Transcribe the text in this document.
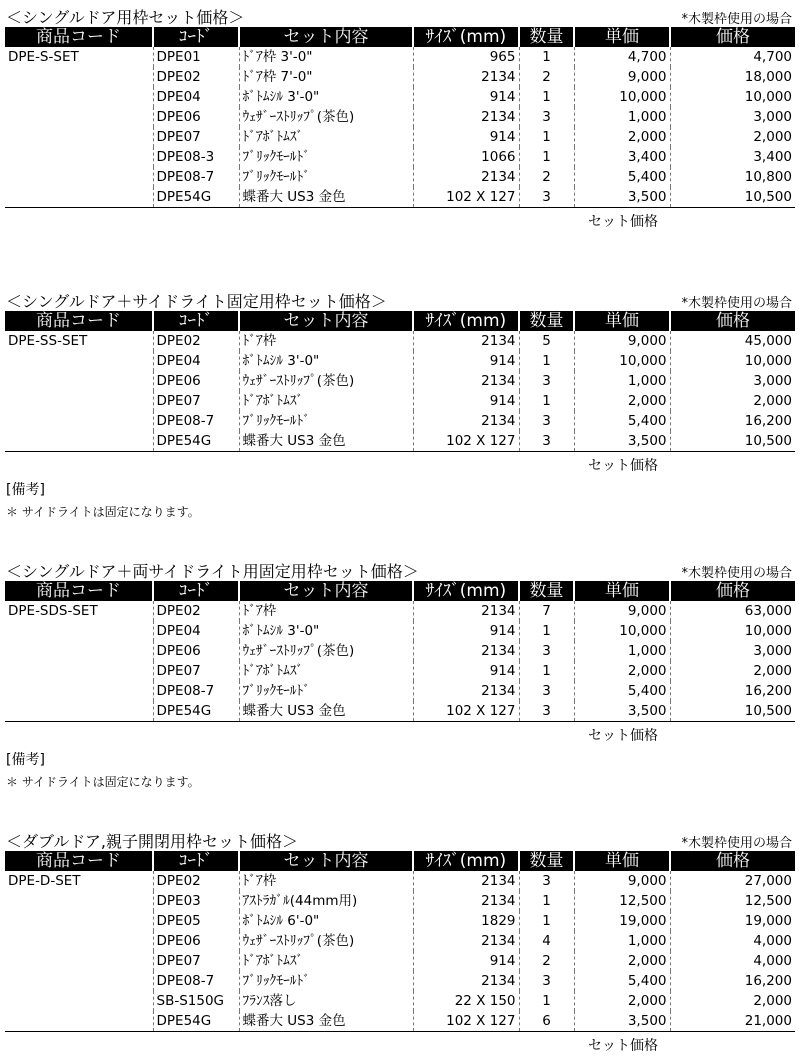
＜シングルドア用枠セット価格＞	*木製枠使用の場合
商品コード	ｺｰﾄﾞ	セット内容	ｻｲｽﾞ(mm)	数量	単価	価格
DPE-S-SET	DPE01	ﾄﾞｱ枠 3'-0"	965	1	4,700	4,700
	DPE02	ﾄﾞｱ枠 7'-0"	2134	2	9,000	18,000
	DPE04	ﾎﾞﾄﾑｼﾙ 3'-0"	914	1	10,000	10,000
	DPE06	ｳｪｻﾞｰｽﾄﾘｯﾌﾟ(茶色)	2134	3	1,000	3,000
	DPE07	ﾄﾞｱﾎﾞﾄﾑｽﾞ	914	1	2,000	2,000
	DPE08-3	ﾌﾞﾘｯｸﾓｰﾙﾄﾞ	1066	1	3,400	3,400
	DPE08-7	ﾌﾞﾘｯｸﾓｰﾙﾄﾞ	2134	2	5,400	10,800
	DPE54G	蝶番大 US3 金色	102 X 127	3	3,500	10,500
セット価格
＜シングルドア＋サイドライト固定用枠セット価格＞	*木製枠使用の場合
商品コード	ｺｰﾄﾞ	セット内容	ｻｲｽﾞ(mm)	数量	単価	価格
DPE-SS-SET	DPE02	ﾄﾞｱ枠	2134	5	9,000	45,000
	DPE04	ﾎﾞﾄﾑｼﾙ 3'-0"	914	1	10,000	10,000
	DPE06	ｳｪｻﾞｰｽﾄﾘｯﾌﾟ(茶色)	2134	3	1,000	3,000
	DPE07	ﾄﾞｱﾎﾞﾄﾑｽﾞ	914	1	2,000	2,000
	DPE08-7	ﾌﾞﾘｯｸﾓｰﾙﾄﾞ	2134	3	5,400	16,200
	DPE54G	蝶番大 US3 金色	102 X 127	3	3,500	10,500
セット価格
[備考]
＊ サイドライトは固定になります。
＜シングルドア＋両サイドライト用固定用枠セット価格＞	*木製枠使用の場合
商品コード	ｺｰﾄﾞ	セット内容	ｻｲｽﾞ(mm)	数量	単価	価格
DPE-SDS-SET	DPE02	ﾄﾞｱ枠	2134	7	9,000	63,000
	DPE04	ﾎﾞﾄﾑｼﾙ 3'-0"	914	1	10,000	10,000
	DPE06	ｳｪｻﾞｰｽﾄﾘｯﾌﾟ(茶色)	2134	3	1,000	3,000
	DPE07	ﾄﾞｱﾎﾞﾄﾑｽﾞ	914	1	2,000	2,000
	DPE08-7	ﾌﾞﾘｯｸﾓｰﾙﾄﾞ	2134	3	5,400	16,200
	DPE54G	蝶番大 US3 金色	102 X 127	3	3,500	10,500
セット価格
[備考]
＊ サイドライトは固定になります。
＜ダブルドア,親子開閉用枠セット価格＞	*木製枠使用の場合
商品コード	ｺｰﾄﾞ	セット内容	ｻｲｽﾞ(mm)	数量	単価	価格
DPE-D-SET	DPE02	ﾄﾞｱ枠	2134	3	9,000	27,000
	DPE03	ｱｽﾄﾗｶﾞﾙ(44mm用)	2134	1	12,500	12,500
	DPE05	ﾎﾞﾄﾑｼﾙ 6'-0"	1829	1	19,000	19,000
	DPE06	ｳｪｻﾞｰｽﾄﾘｯﾌﾟ(茶色)	2134	4	1,000	4,000
	DPE07	ﾄﾞｱﾎﾞﾄﾑｽﾞ	914	2	2,000	4,000
	DPE08-7	ﾌﾞﾘｯｸﾓｰﾙﾄﾞ	2134	3	5,400	16,200
	SB-S150G	ﾌﾗﾝｽ落し	22 X 150	1	2,000	2,000
	DPE54G	蝶番大 US3 金色	102 X 127	6	3,500	21,000
セット価格
